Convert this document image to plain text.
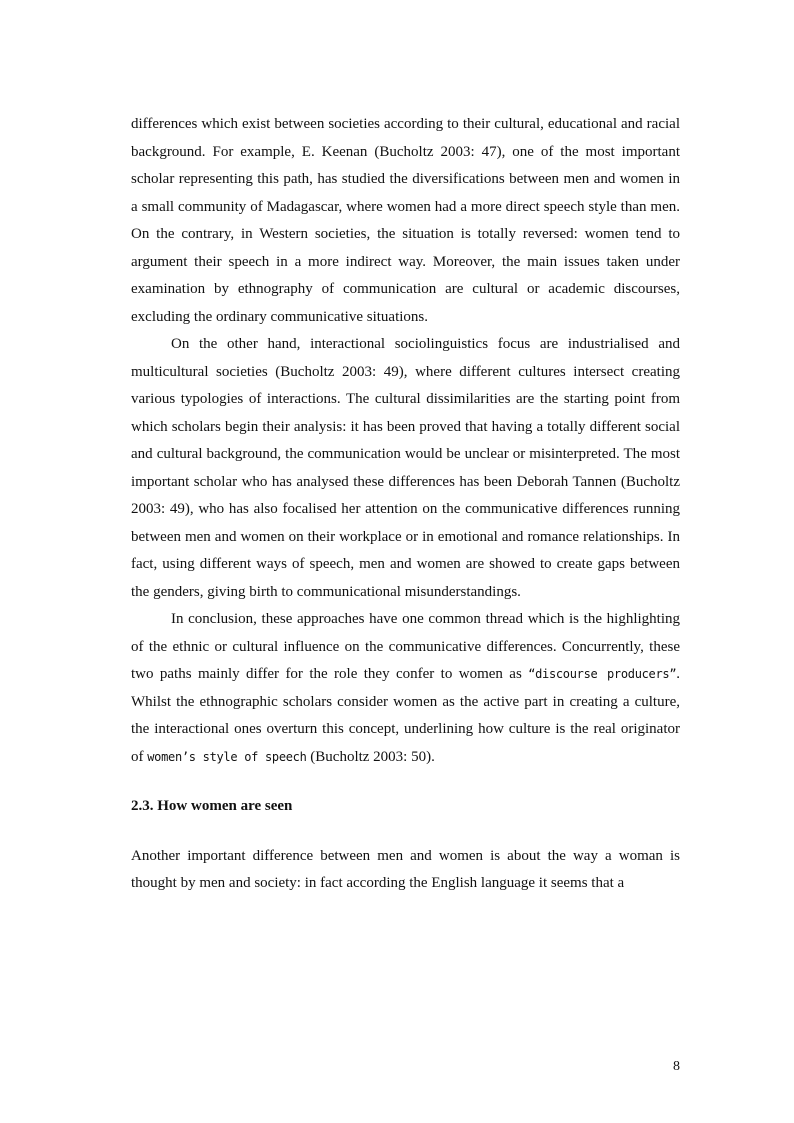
differences which exist between societies according to their cultural, educational and racial background. For example, E. Keenan (Bucholtz 2003: 47), one of the most important scholar representing this path, has studied the diversifications between men and women in a small community of Madagascar, where women had a more direct speech style than men. On the contrary, in Western societies, the situation is totally reversed: women tend to argument their speech in a more indirect way. Moreover, the main issues taken under examination by ethnography of communication are cultural or academic discourses, excluding the ordinary communicative situations.

On the other hand, interactional sociolinguistics focus are industrialised and multicultural societies (Bucholtz 2003: 49), where different cultures intersect creating various typologies of interactions. The cultural dissimilarities are the starting point from which scholars begin their analysis: it has been proved that having a totally different social and cultural background, the communication would be unclear or misinterpreted. The most important scholar who has analysed these differences has been Deborah Tannen (Bucholtz 2003: 49), who has also focalised her attention on the communicative differences running between men and women on their workplace or in emotional and romance relationships. In fact, using different ways of speech, men and women are showed to create gaps between the genders, giving birth to communicational misunderstandings.

In conclusion, these approaches have one common thread which is the highlighting of the ethnic or cultural influence on the communicative differences. Concurrently, these two paths mainly differ for the role they confer to women as “discourse producers”. Whilst the ethnographic scholars consider women as the active part in creating a culture, the interactional ones overturn this concept, underlining how culture is the real originator of women’s style of speech (Bucholtz 2003: 50).

2.3. How women are seen

Another important difference between men and women is about the way a woman is thought by men and society: in fact according the English language it seems that a

8
